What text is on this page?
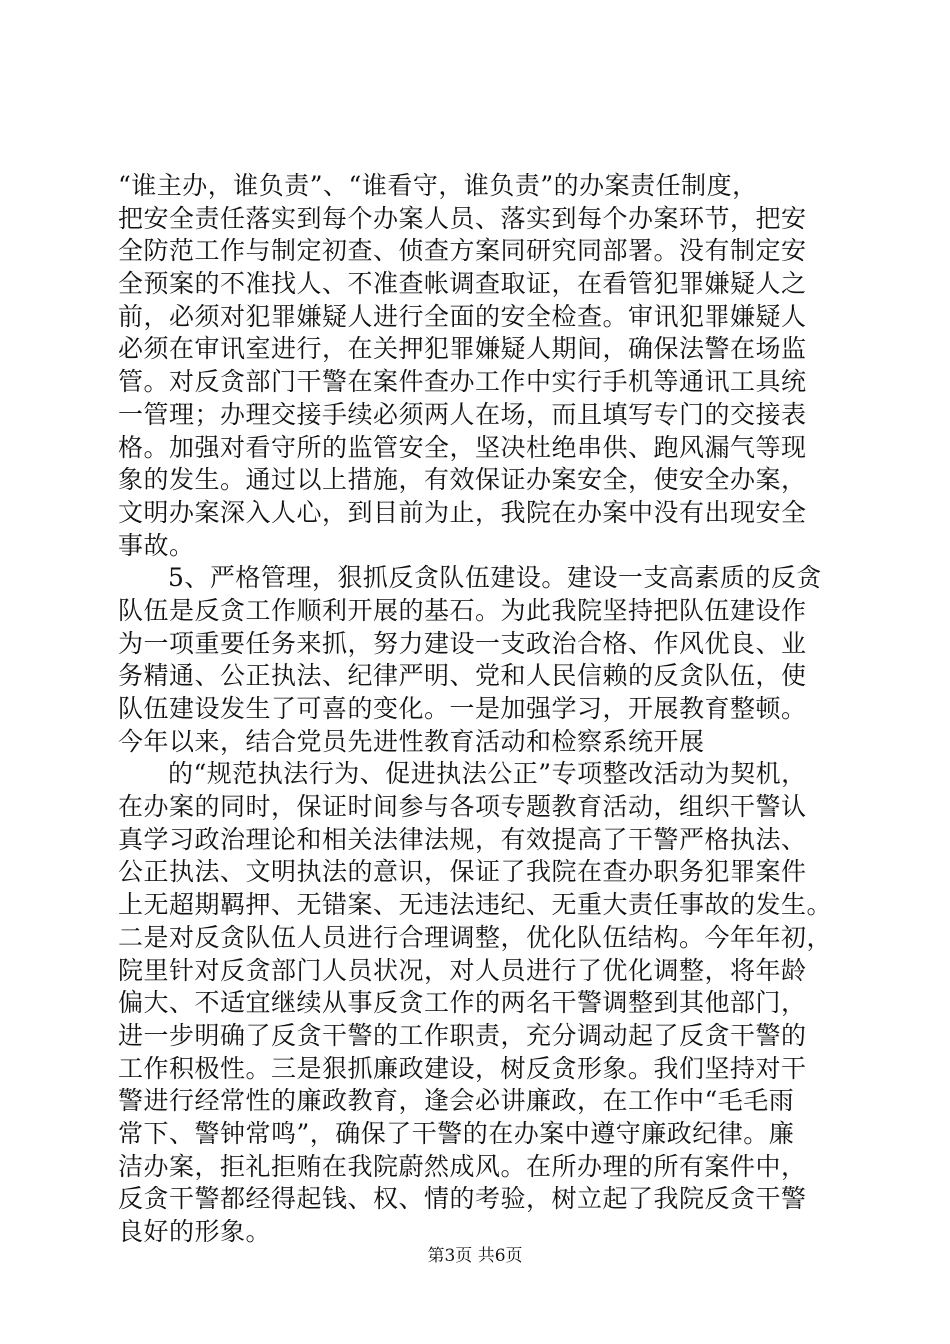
“谁主办，谁负责”、“谁看守，谁负责”的办案责任制度，
把安全责任落实到每个办案人员、落实到每个办案环节，把安
全防范工作与制定初查、侦查方案同研究同部署。没有制定安
全预案的不准找人、不准查帐调查取证，在看管犯罪嫌疑人之
前，必须对犯罪嫌疑人进行全面的安全检查。审讯犯罪嫌疑人
必须在审讯室进行，在关押犯罪嫌疑人期间，确保法警在场监
管。对反贪部门干警在案件查办工作中实行手机等通讯工具统
一管理；办理交接手续必须两人在场，而且填写专门的交接表
格。加强对看守所的监管安全，坚决杜绝串供、跑风漏气等现
象的发生。通过以上措施，有效保证办案安全，使安全办案，
文明办案深入人心，到目前为止，我院在办案中没有出现安全
事故。
5、严格管理，狠抓反贪队伍建设。建设一支高素质的反贪
队伍是反贪工作顺利开展的基石。为此我院坚持把队伍建设作
为一项重要任务来抓，努力建设一支政治合格、作风优良、业
务精通、公正执法、纪律严明、党和人民信赖的反贪队伍，使
队伍建设发生了可喜的变化。一是加强学习，开展教育整顿。
今年以来，结合党员先进性教育活动和检察系统开展
的“规范执法行为、促进执法公正”专项整改活动为契机，
在办案的同时，保证时间参与各项专题教育活动，组织干警认
真学习政治理论和相关法律法规，有效提高了干警严格执法、
公正执法、文明执法的意识，保证了我院在查办职务犯罪案件
上无超期羁押、无错案、无违法违纪、无重大责任事故的发生。
二是对反贪队伍人员进行合理调整，优化队伍结构。今年年初，
院里针对反贪部门人员状况，对人员进行了优化调整，将年龄
偏大、不适宜继续从事反贪工作的两名干警调整到其他部门，
进一步明确了反贪干警的工作职责，充分调动起了反贪干警的
工作积极性。三是狠抓廉政建设，树反贪形象。我们坚持对干
警进行经常性的廉政教育，逢会必讲廉政，在工作中“毛毛雨
常下、警钟常鸣”，确保了干警的在办案中遵守廉政纪律。廉
洁办案，拒礼拒贿在我院蔚然成风。在所办理的所有案件中，
反贪干警都经得起钱、权、情的考验，树立起了我院反贪干警
良好的形象。
第3页 共6页
